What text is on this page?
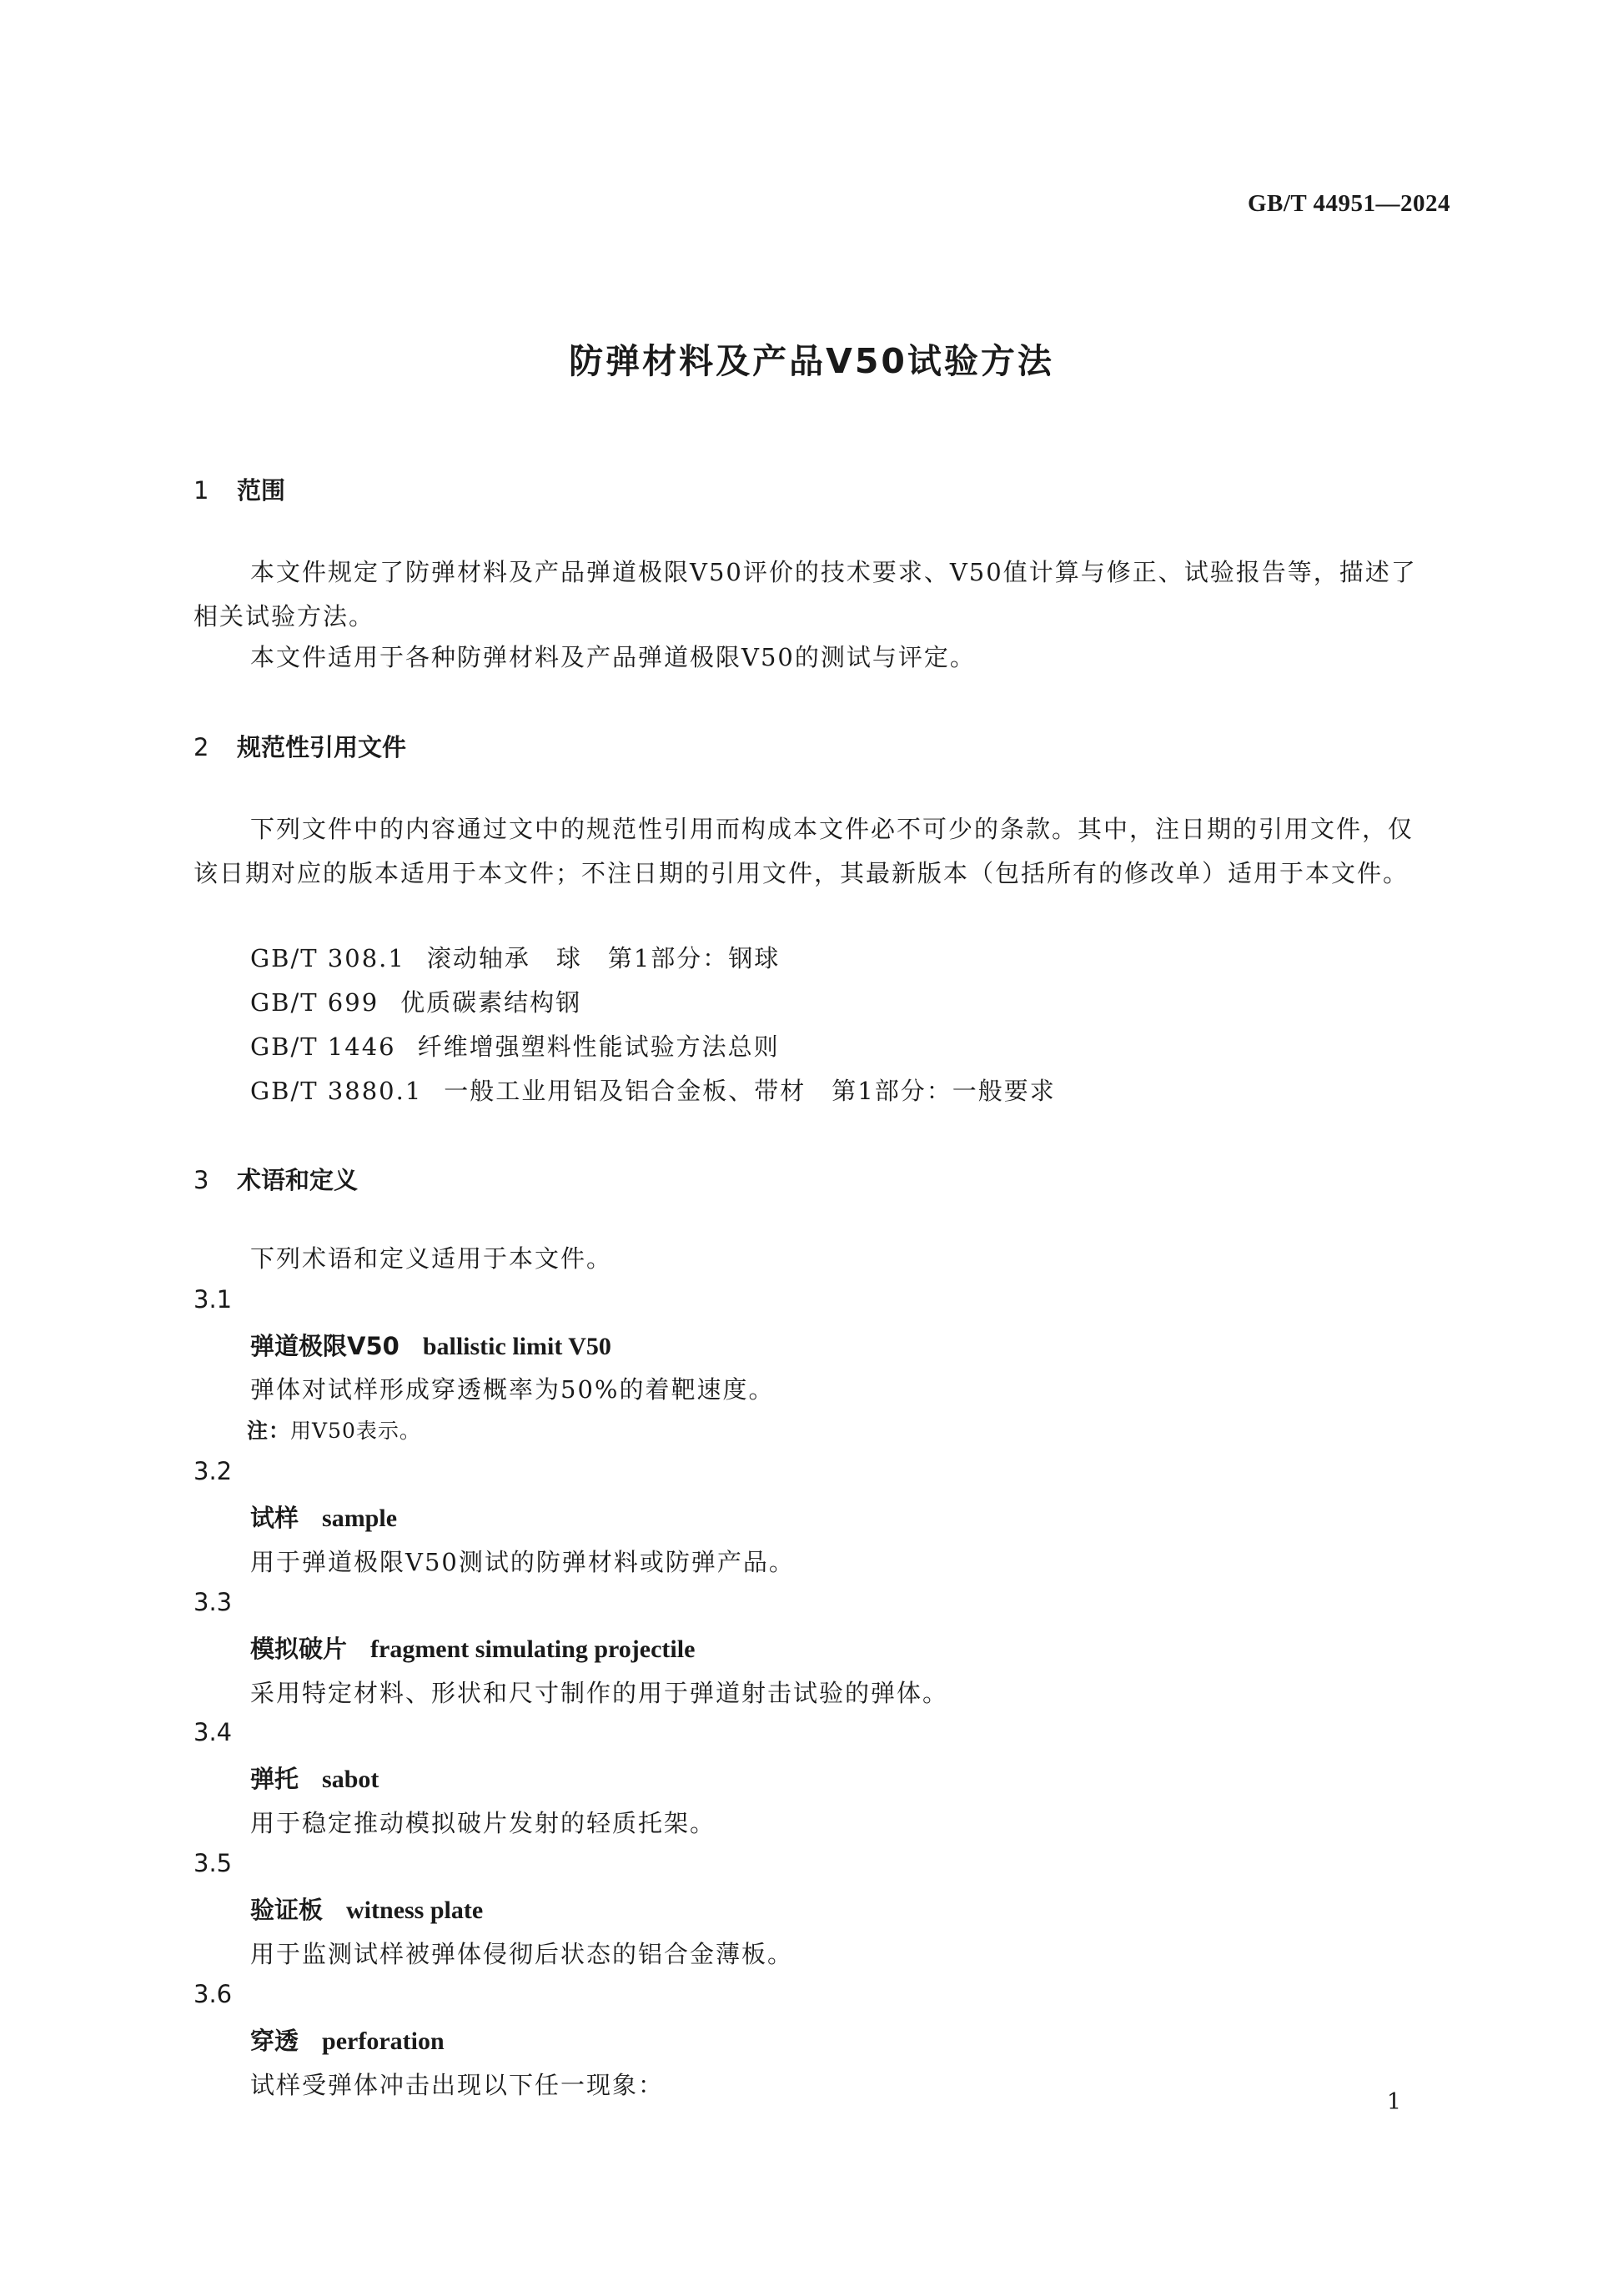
GB/T 44951—2024
防弹材料及产品V50试验方法
1 范围
本文件规定了防弹材料及产品弹道极限V50评价的技术要求、V50值计算与修正、试验报告等，描述了相关试验方法。
本文件适用于各种防弹材料及产品弹道极限V50的测试与评定。
2 规范性引用文件
下列文件中的内容通过文中的规范性引用而构成本文件必不可少的条款。其中，注日期的引用文件，仅该日期对应的版本适用于本文件；不注日期的引用文件，其最新版本（包括所有的修改单）适用于本文件。
GB/T 308.1 滚动轴承　球　第1部分：钢球
GB/T 699 优质碳素结构钢
GB/T 1446 纤维增强塑料性能试验方法总则
GB/T 3880.1 一般工业用铝及铝合金板、带材　第1部分：一般要求
3 术语和定义
下列术语和定义适用于本文件。
3.1
弹道极限V50 ballistic limit V50
弹体对试样形成穿透概率为50%的着靶速度。
注：用V50表示。
3.2
试样 sample
用于弹道极限V50测试的防弹材料或防弹产品。
3.3
模拟破片 fragment simulating projectile
采用特定材料、形状和尺寸制作的用于弹道射击试验的弹体。
3.4
弹托 sabot
用于稳定推动模拟破片发射的轻质托架。
3.5
验证板 witness plate
用于监测试样被弹体侵彻后状态的铝合金薄板。
3.6
穿透 perforation
试样受弹体冲击出现以下任一现象：
1
